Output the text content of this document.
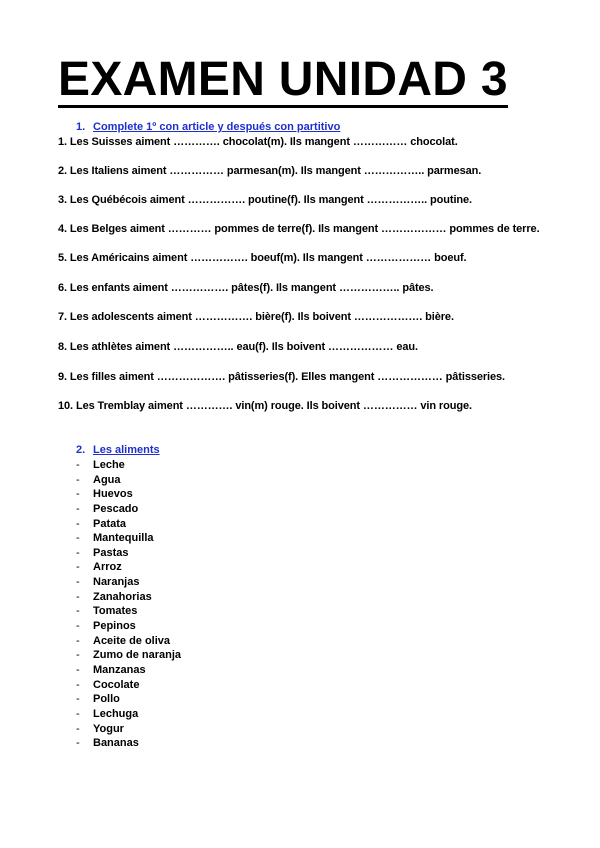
EXAMEN UNIDAD 3
1. Complete 1º con article y después con partitivo
1. Les Suisses aiment …………. chocolat(m). Ils mangent …………… chocolat.
2. Les Italiens aiment …………… parmesan(m). Ils mangent …………….. parmesan.
3. Les Québécois aiment ……………. poutine(f). Ils mangent …………….. poutine.
4. Les Belges aiment ………… pommes de terre(f). Ils mangent ……………… pommes de terre.
5. Les Américains aiment ……………. boeuf(m). Ils mangent ……………… boeuf.
6. Les enfants aiment ……………. pâtes(f). Ils mangent …………….. pâtes.
7. Les adolescents aiment ……………. bière(f). Ils boivent ………………. bière.
8. Les athlètes aiment …………….. eau(f). Ils boivent ……………… eau.
9. Les filles aiment ………………. pâtisseries(f). Elles mangent ……………… pâtisseries.
10. Les Tremblay aiment …………. vin(m) rouge. Ils boivent …………… vin rouge.
2. Les aliments
- Leche
- Agua
- Huevos
- Pescado
- Patata
- Mantequilla
- Pastas
- Arroz
- Naranjas
- Zanahorias
- Tomates
- Pepinos
- Aceite de oliva
- Zumo de naranja
- Manzanas
- Cocolate
- Pollo
- Lechuga
- Yogur
- Bananas
